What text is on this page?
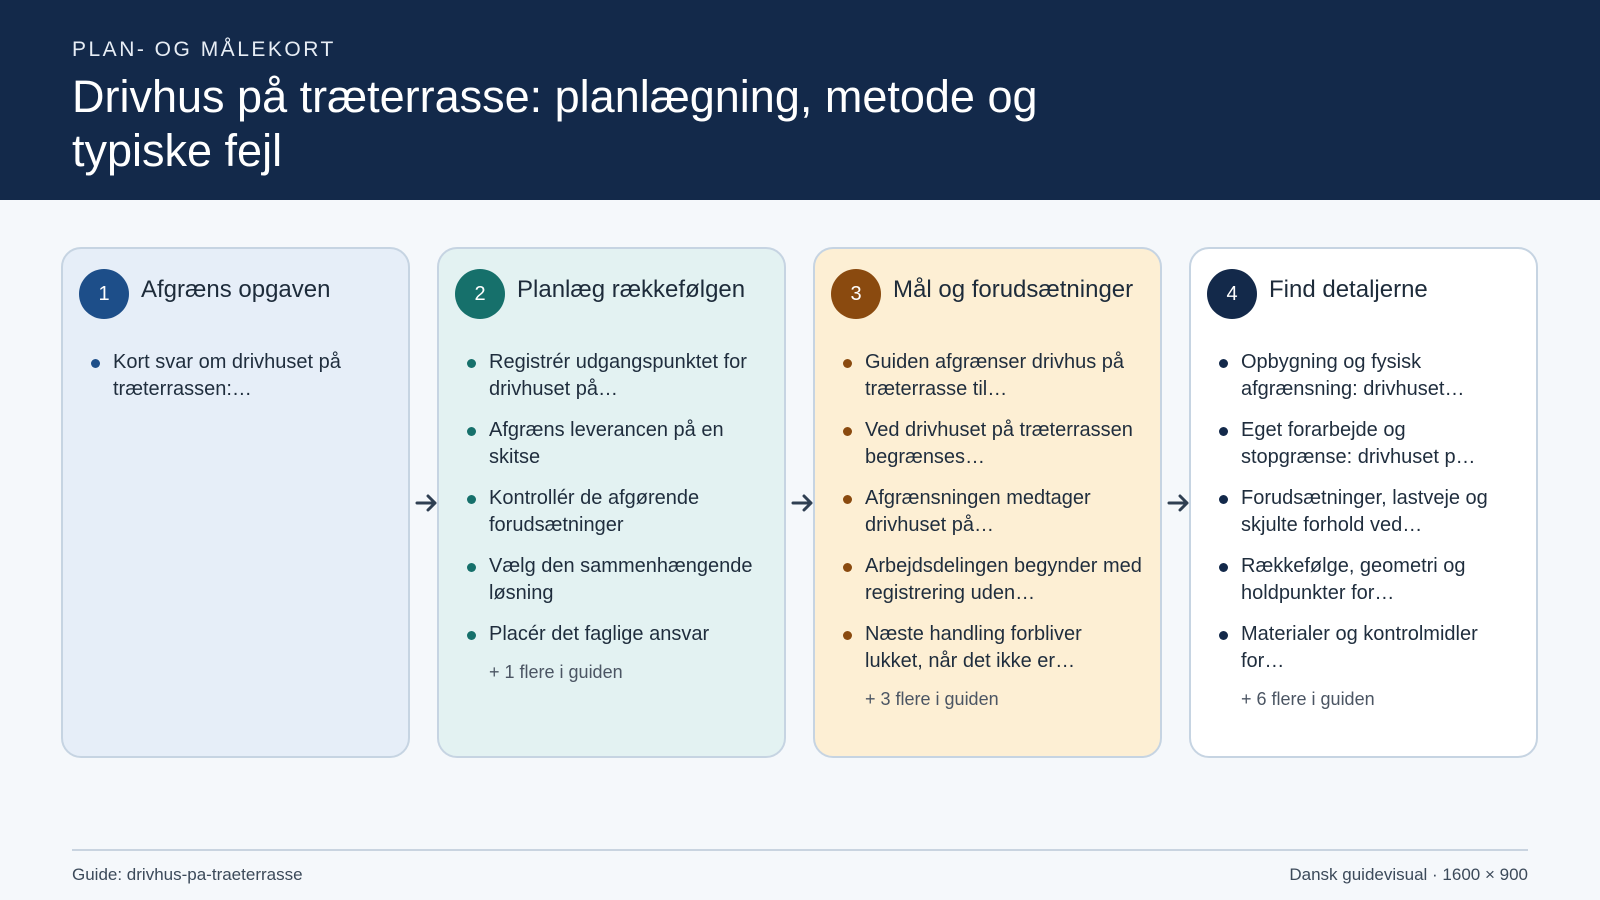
PLAN- OG MÅLEKORT
Drivhus på træterrasse: planlægning, metode og typiske fejl
1	Afgræns opgaven
Kort svar om drivhuset på træterrassen:…
2	Planlæg rækkefølgen
Registrér udgangspunktet for drivhuset på…
Afgræns leverancen på en skitse
Kontrollér de afgørende forudsætninger
Vælg den sammenhængende løsning
Placér det faglige ansvar
+ 1 flere i guiden
3	Mål og forudsætninger
Guiden afgrænser drivhus på træterrasse til…
Ved drivhuset på træterrassen begrænses…
Afgrænsningen medtager drivhuset på…
Arbejdsdelingen begynder med registrering uden…
Næste handling forbliver lukket, når det ikke er…
+ 3 flere i guiden
4	Find detaljerne
Opbygning og fysisk afgrænsning: drivhuset…
Eget forarbejde og stopgrænse: drivhuset p…
Forudsætninger, lastveje og skjulte forhold ved…
Rækkefølge, geometri og holdpunkter for…
Materialer og kontrolmidler for…
+ 6 flere i guiden
Guide: drivhus-pa-traeterrasse	Dansk guidevisual · 1600 × 900
